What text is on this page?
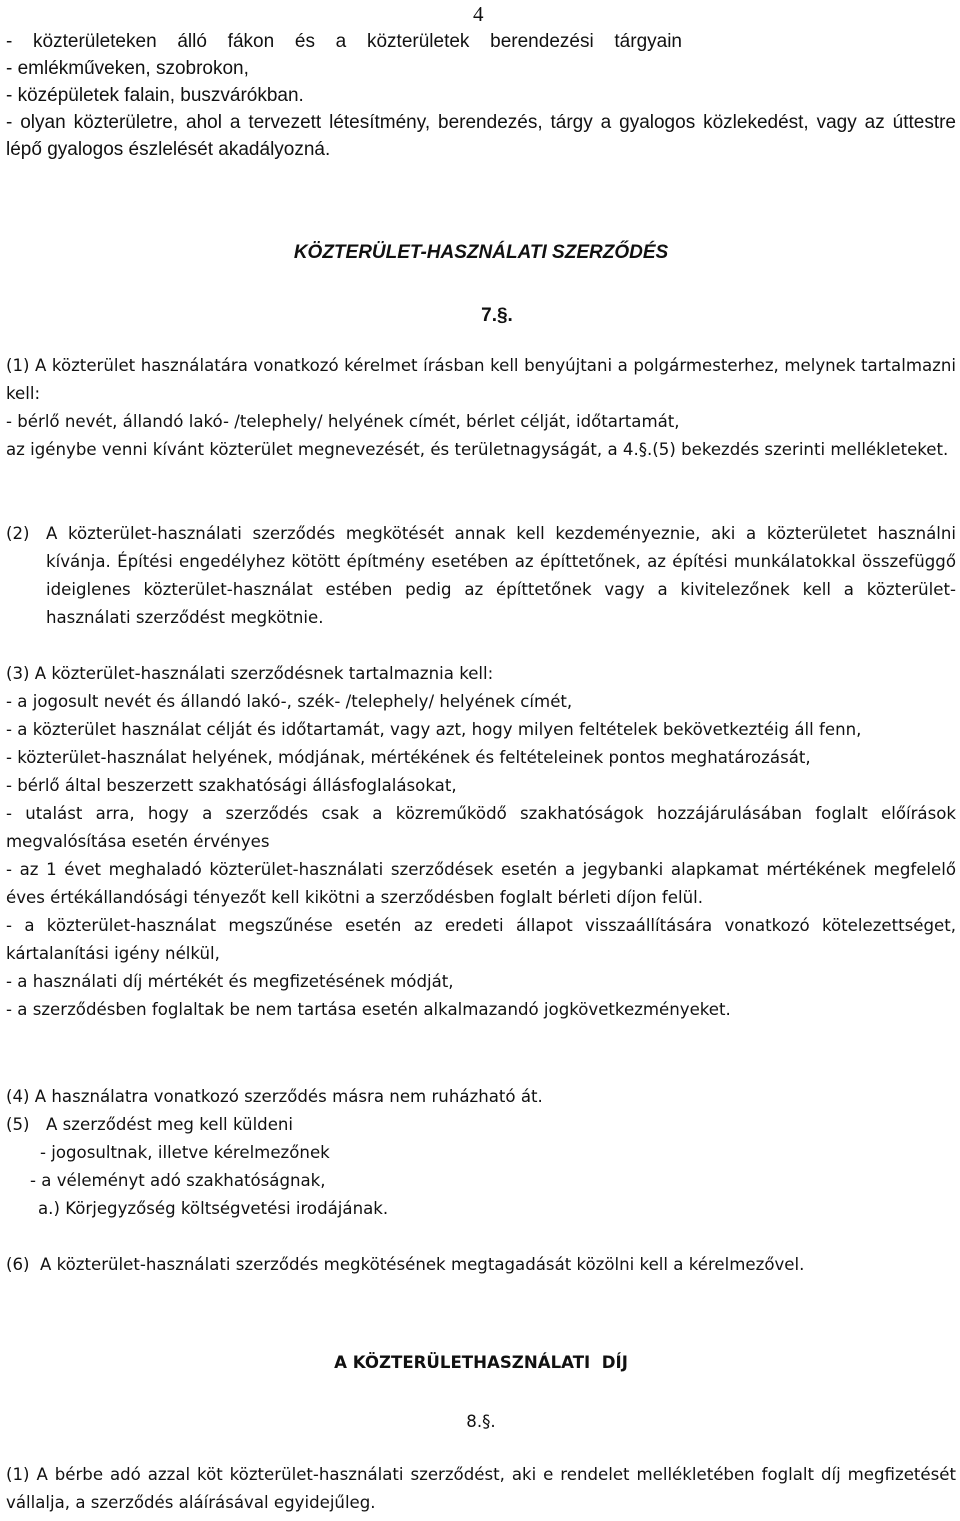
4
- közterületeken álló fákon és a közterületek berendezési tárgyain
- emlékműveken, szobrokon,
- középületek falain, buszvárókban.
- olyan közterületre, ahol a tervezett létesítmény, berendezés, tárgy a gyalogos közlekedést, vagy az úttestre lépő gyalogos észlelését akadályozná.
KÖZTERÜLET-HASZNÁLATI SZERZŐDÉS
7.§.
(1) A közterület használatára vonatkozó kérelmet írásban kell benyújtani a polgármesterhez, melynek tartalmazni kell:
- bérlő nevét, állandó lakó- /telephely/ helyének címét, bérlet célját, időtartamát,
az igénybe venni kívánt közterület megnevezését, és területnagyságát, a 4.§.(5) bekezdés szerinti mellékleteket.
(2) A közterület-használati szerződés megkötését annak kell kezdeményeznie, aki a közterületet használni kívánja. Építési engedélyhez kötött építmény esetében az építtetőnek, az építési munkálatokkal összefüggő ideiglenes közterület-használat estében pedig az építtetőnek vagy a kivitelezőnek kell a közterület-használati szerződést megkötnie.
(3) A közterület-használati szerződésnek tartalmaznia kell:
- a jogosult nevét és állandó lakó-, szék- /telephely/ helyének címét,
- a közterület használat célját és időtartamát, vagy azt, hogy milyen feltételek bekövetkeztéig áll fenn,
- közterület-használat helyének, módjának, mértékének és feltételeinek pontos meghatározását,
- bérlő által beszerzett szakhatósági állásfoglalásokat,
- utalást arra, hogy a szerződés csak a közreműködő szakhatóságok hozzájárulásában foglalt előírások megvalósítása esetén érvényes
- az 1 évet meghaladó közterület-használati szerződések esetén a jegybanki alapkamat mértékének megfelelő éves értékállandósági tényezőt kell kikötni a szerződésben foglalt bérleti díjon felül.
- a közterület-használat megszűnése esetén az eredeti állapot visszaállítására vonatkozó kötelezettséget, kártalanítási igény nélkül,
- a használati díj mértékét és megfizetésének módját,
- a szerződésben foglaltak be nem tartása esetén alkalmazandó jogkövetkezményeket.
(4) A használatra vonatkozó szerződés másra nem ruházható át.
(5) A szerződést meg kell küldeni
- jogosultnak, illetve kérelmezőnek
- a véleményt adó szakhatóságnak,
a.) Körjegyzőség költségvetési irodájának.
(6) A közterület-használati szerződés megkötésének megtagadását közölni kell a kérelmezővel.
A KÖZTERÜLETHASZNÁLATI  DÍJ
8.§.
(1) A bérbe adó azzal köt közterület-használati szerződést, aki e rendelet mellékletében foglalt díj megfizetését vállalja, a szerződés aláírásával egyidejűleg.
